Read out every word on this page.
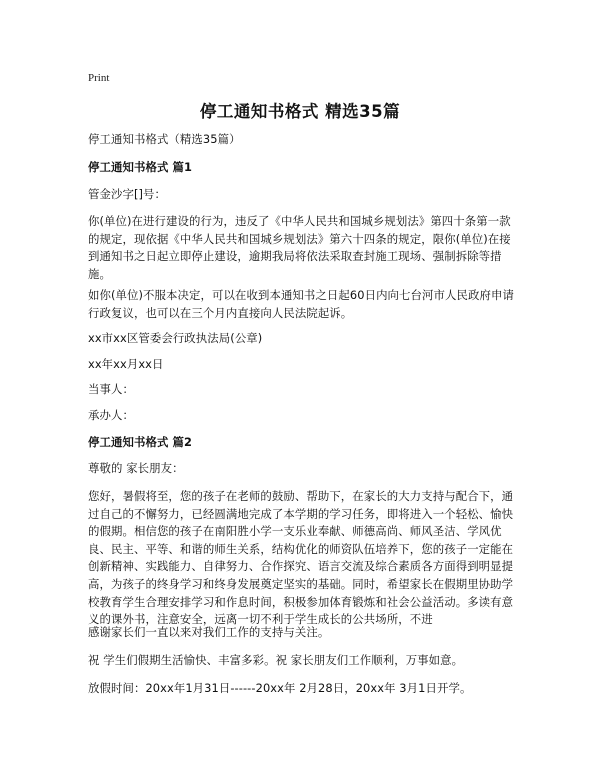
Print
停工通知书格式 精选35篇
停工通知书格式（精选35篇）
停工通知书格式 篇1
管金沙字[]号：
你(单位)在进行建设的行为，违反了《中华人民共和国城乡规划法》第四十条第一款的规定，现依据《中华人民共和国城乡规划法》第六十四条的规定，限你(单位)在接到通知书之日起立即停止建设，逾期我局将依法采取查封施工现场、强制拆除等措施。
如你(单位)不服本决定，可以在收到本通知书之日起60日内向七台河市人民政府申请行政复议，也可以在三个月内直接向人民法院起诉。
xx市xx区管委会行政执法局(公章)
xx年xx月xx日
当事人：
承办人：
停工通知书格式 篇2
尊敬的 家长朋友：
您好，暑假将至，您的孩子在老师的鼓励、帮助下，在家长的大力支持与配合下，通过自己的不懈努力，已经圆满地完成了本学期的学习任务，即将进入一个轻松、愉快的假期。相信您的孩子在南阳胜小学一支乐业奉献、师德高尚、师风圣洁、学风优良、民主、平等、和谐的师生关系，结构优化的师资队伍培养下，您的孩子一定能在创新精神、实践能力、自律努力、合作探究、语言交流及综合素质各方面得到明显提高，为孩子的终身学习和终身发展奠定坚实的基础。同时，希望家长在假期里协助学校教育学生合理安排学习和作息时间，积极参加体育锻炼和社会公益活动。多读有意义的课外书，注意安全，远离一切不利于学生成长的公共场所，不进
感谢家长们一直以来对我们工作的支持与关注。
祝 学生们假期生活愉快、丰富多彩。祝 家长朋友们工作顺利，万事如意。
放假时间：20xx年1月31日------20xx年 2月28日，20xx年 3月1日开学。
